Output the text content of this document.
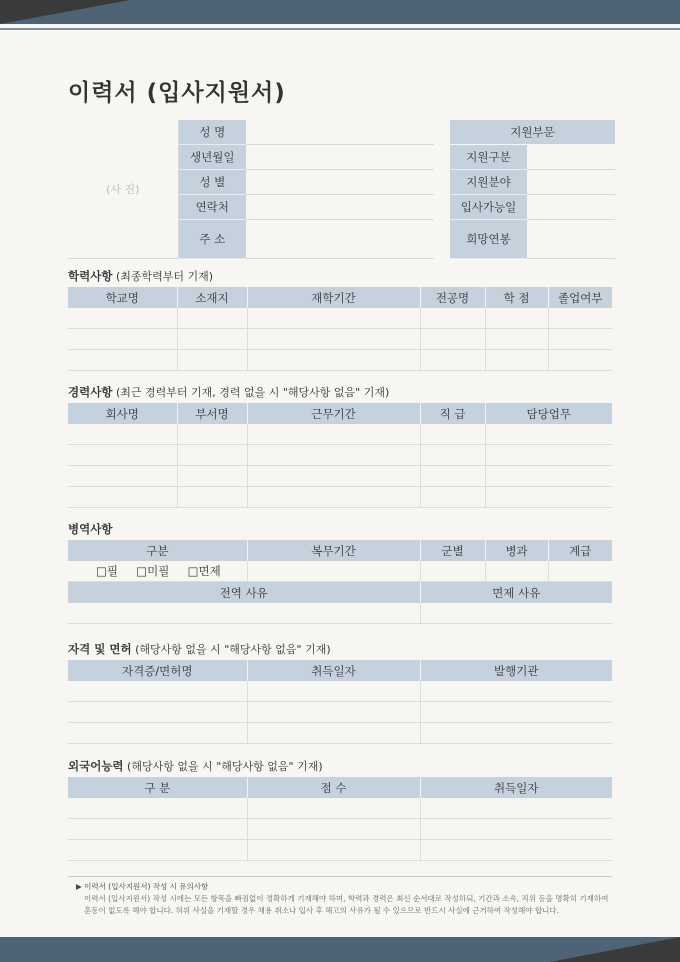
이력서 (입사지원서)
(사 진)	성 명	
	생년월일	
	성 별	
	연락처	
	주 소	
지원부문	
지원구분	
지원분야	
입사가능일	
희망연봉	
학력사항 (최종학력부터 기재)
학교명	소재지	재학기간	전공명	학 점	졸업여부

경력사항 (최근 경력부터 기재, 경력 없을 시 "해당사항 없음" 기재)
회사명	부서명	근무기간	직 급	담당업무

병역사항
구분	복무기간	군별	병과	계급
□필 □미필 □면제				
전역 사유		면제 사유		

자격 및 면허 (해당사항 없을 시 "해당사항 없음" 기재)
자격증/면허명	취득일자	발행기관

외국어능력 (해당사항 없을 시 "해당사항 없음" 기재)
구 분	점 수	취득일자

▶ 이력서 (입사지원서) 작성 시 유의사항
이력서 (입사지원서) 작성 시에는 모든 항목을 빠짐없이 정확하게 기재해야 하며, 학력과 경력은 최신 순서대로 작성하되, 기간과 소속, 직위 등을 명확히 기재하여 혼동이 없도록 해야 합니다. 허위 사실을 기재할 경우 채용 취소나 입사 후 해고의 사유가 될 수 있으므로 반드시 사실에 근거하여 작성해야 합니다.
